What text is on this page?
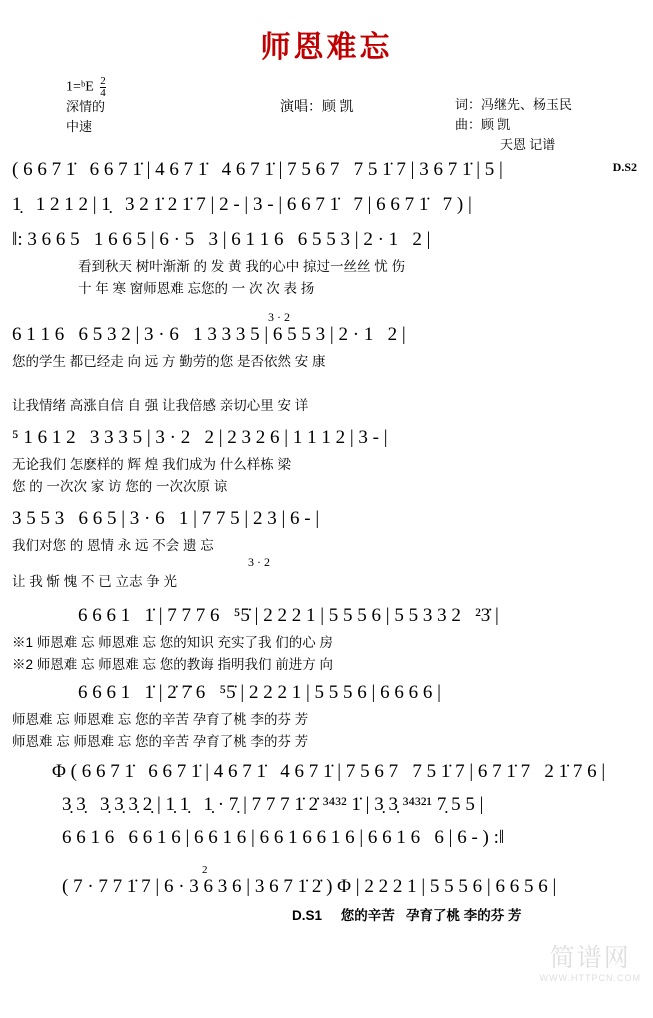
师恩难忘
1=ᵇE $\frac{2}{4}$
深情的
中速
演唱：顾 凯	词：冯继先、杨玉民
曲：顾 凯
天恩 记谱
( 6 6 7 1̇   6 6 7 1̇ | 4 6 7 1̇   4 6 7 1̇ | 7 5 6 7   7 5 1̇ 7 | 3 6 7 1̇ | 5 |
1̣   1 2 1 2 | 1̣   3 2 1̇ 2 1̇ 7 | 2 - | 3 - | 6 6 7 1̇   7 | 6 6 7 1̇   7 ) |
‖: 3 6 6 5   1 6 6 5 | 6 · 5   3 | 6 1 1 6   6 5 5 3 | 2 · 1   2 |
看到秋天 树叶渐渐 的 发 黄 我的心中 掠过一丝丝 忧 伤
十 年 寒 窗师恩难 忘您的 一 次 次 表 扬
3 · 2
6 1 1 6   6 5 3 2 | 3 · 6   1 3 3 3 5 | 6 5 5 3 | 2 · 1   2 |
您的学生 都已经走 向 远 方 勤劳的您 是否依然 安 康
让我情绪 高涨自信 自 强 让我倍感 亲切心里 安 详
⁵ 1 6 1 2   3 3 3 5 | 3 · 2   2 | 2 3 2 6 | 1 1 1 2 | 3 - |
无论我们 怎麽样的 辉 煌 我们成为 什么样栋 梁
您 的 一次次 家 访 您的 一次次原 谅
3 5 5 3   6 6 5 | 3 · 6   1 | 7 7 5 | 2 3 | 6 - |
我们对您 的 恩情 永 远 不会 遗 忘
3 · 2
让 我 惭 愧 不 已 立志 争 光
6 6 6 1   1̇ | 7 7 7 6   ⁵5̇ | 2 2 2 1 | 5 5 5 6 | 5 5 3 3 2   ²3̇ |
※1 师恩难 忘 师恩难 忘 您的知识 充实了我 们的心 房
※2 师恩难 忘 师恩难 忘 您的教诲 指明我们 前进方 向
6 6 6 1   1̇ | 2̇ 7̇ 6   ⁵5̇ | 2 2 2 1 | 5 5 5 6 | 6 6 6 6 |
师恩难 忘 师恩难 忘 您的辛苦 孕育了桃 李的芬 芳
师恩难 忘 师恩难 忘 您的辛苦 孕育了桃 李的芬 芳
D.S2
Φ ( 6 6 7 1̇   6 6 7 1̇ | 4 6 7 1̇   4 6 7 1̇ | 7 5 6 7   7 5 1̇ 7 | 6 7 1̇ 7   2 1̇ 7 6 |
3̣ 3̣   3̣ 3̣ 3̣ 2̣ | 1̣ 1̣   1̣ · 7̣ | 7 7 7 1̇ 2̇ ³⁴³² 1̇ | 3̣ 3̣ ³⁴³²¹ 7̣ 5 5 |
6 6 1 6   6 6 1 6 | 6 6 1 6 | 6 6 1 6 6 1 6 | 6 6 1 6   6 | 6 - ) :‖
2
( 7 · 7 7 1̇ 7 | 6 · 3 6 3 6 | 3 6 7 1̇ 2̇ ) Φ | 2 2 2 1 | 5 5 5 6 | 6 6 5 6 |
D.S1     您的辛苦   孕育了桃 李的芬 芳
简谱网
WWW.HTTPCN.COM
